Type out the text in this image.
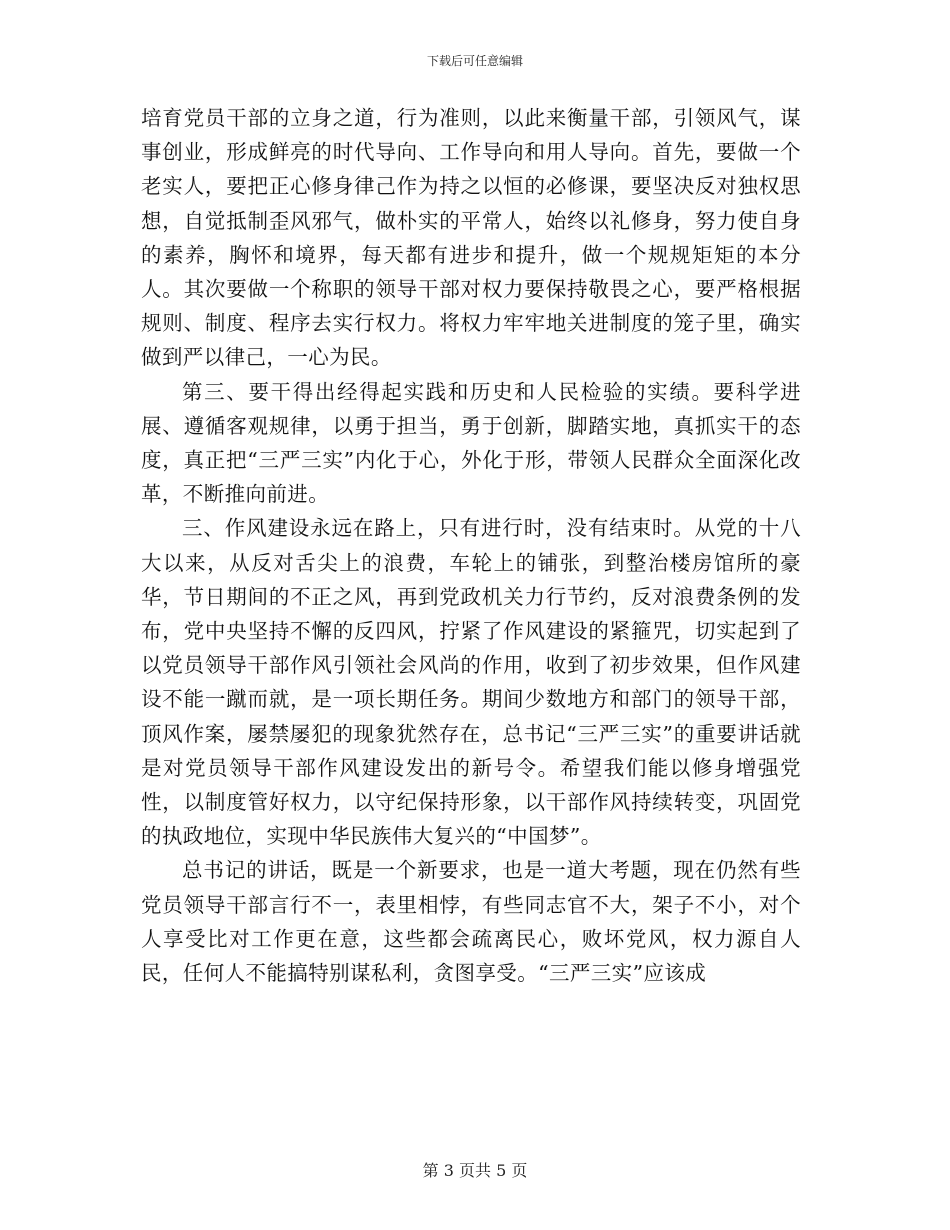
下载后可任意编辑

培育党员干部的立身之道，行为准则，以此来衡量干部，引领风气，谋事创业，形成鲜亮的时代导向、工作导向和用人导向。首先，要做一个老实人，要把正心修身律己作为持之以恒的必修课，要坚决反对独权思想，自觉抵制歪风邪气，做朴实的平常人，始终以礼修身，努力使自身的素养，胸怀和境界，每天都有进步和提升，做一个规规矩矩的本分人。其次要做一个称职的领导干部对权力要保持敬畏之心，要严格根据规则、制度、程序去实行权力。将权力牢牢地关进制度的笼子里，确实做到严以律己，一心为民。

第三、要干得出经得起实践和历史和人民检验的实绩。要科学进展、遵循客观规律，以勇于担当，勇于创新，脚踏实地，真抓实干的态度，真正把“三严三实”内化于心，外化于形，带领人民群众全面深化改革，不断推向前进。

三、作风建设永远在路上，只有进行时，没有结束时。从党的十八大以来，从反对舌尖上的浪费，车轮上的铺张，到整治楼房馆所的豪华，节日期间的不正之风，再到党政机关力行节约，反对浪费条例的发布，党中央坚持不懈的反四风，拧紧了作风建设的紧箍咒，切实起到了以党员领导干部作风引领社会风尚的作用，收到了初步效果，但作风建设不能一蹴而就，是一项长期任务。期间少数地方和部门的领导干部，顶风作案，屡禁屡犯的现象犹然存在，总书记“三严三实”的重要讲话就是对党员领导干部作风建设发出的新号令。希望我们能以修身增强党性，以制度管好权力，以守纪保持形象，以干部作风持续转变，巩固党的执政地位，实现中华民族伟大复兴的“中国梦”。

总书记的讲话，既是一个新要求，也是一道大考题，现在仍然有些党员领导干部言行不一，表里相悖，有些同志官不大，架子不小，对个人享受比对工作更在意，这些都会疏离民心，败坏党风，权力源自人民，任何人不能搞特别谋私利，贪图享受。“三严三实”应该成

第 3 页共 5 页
